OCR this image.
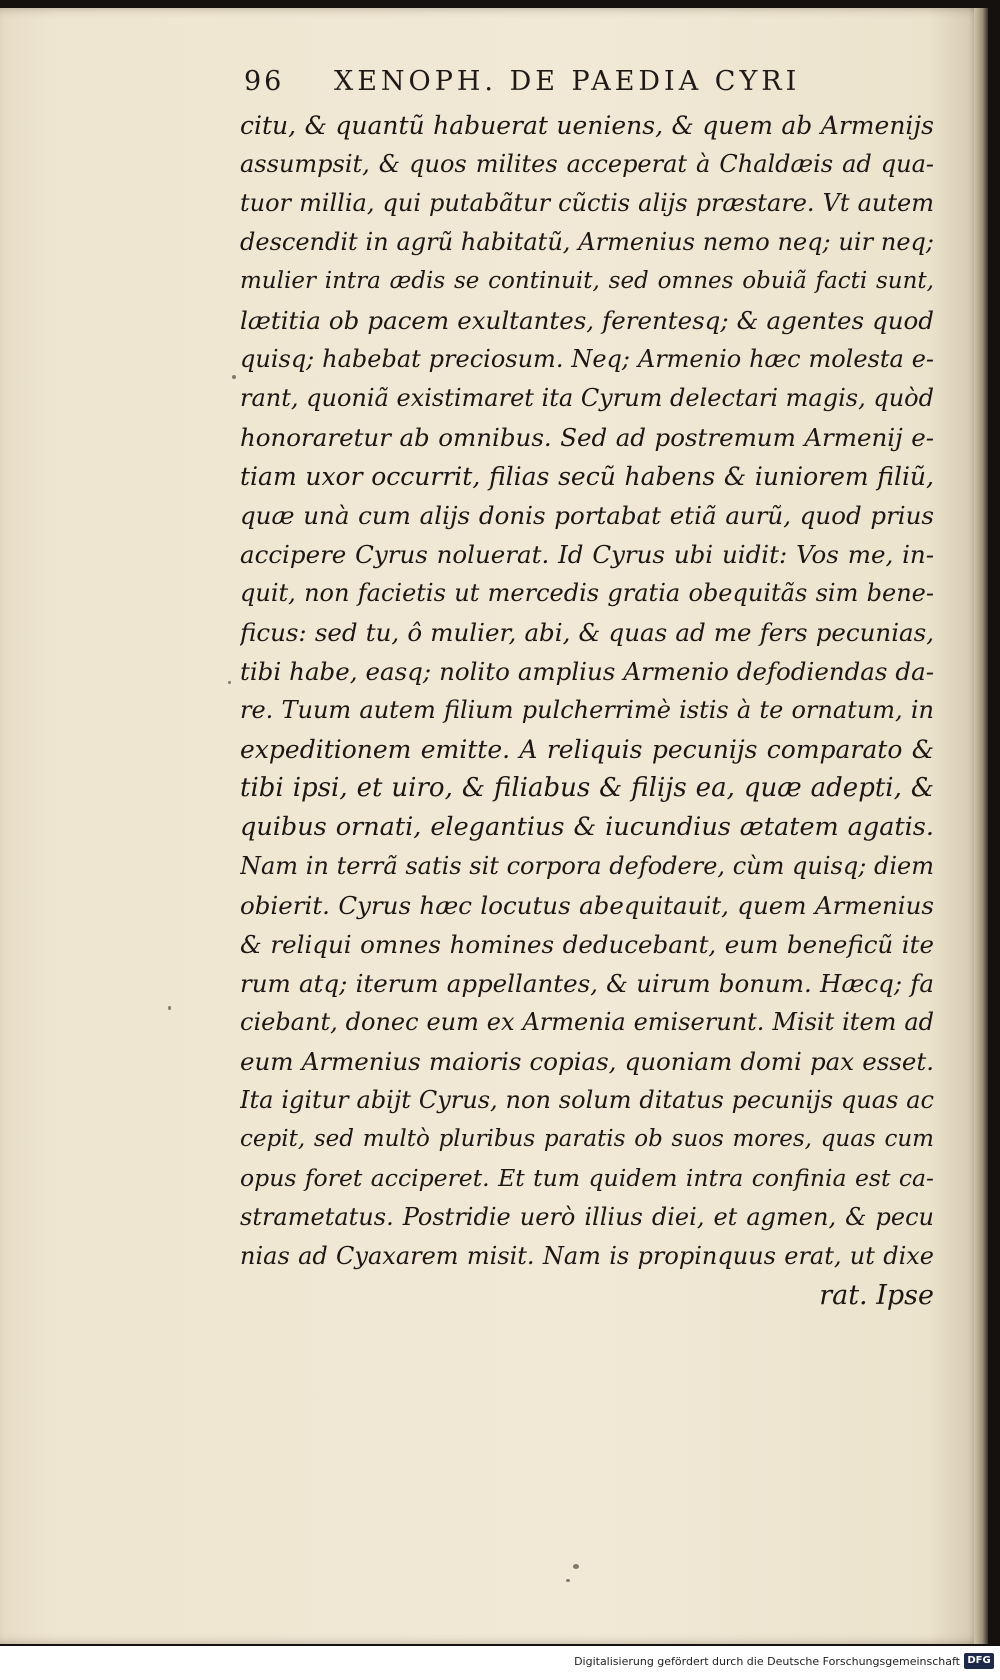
96 XENOPH. DE PAEDIA CYRI
citu, & quantũ habuerat ueniens, & quem ab Armenijs
assumpsit, & quos milites acceperat à Chaldæis ad qua-
tuor millia, qui putabãtur cũctis alijs præstare. Vt autem
descendit in agrũ habitatũ, Armenius nemo neq; uir neq;
mulier intra ædis se continuit, sed omnes obuiã facti sunt,
lætitia ob pacem exultantes, ferentesq; & agentes quod
quisq; habebat preciosum. Neq; Armenio hæc molesta e-
rant, quoniã existimaret ita Cyrum delectari magis, quòd
honoraretur ab omnibus. Sed ad postremum Armenij e-
tiam uxor occurrit, filias secũ habens & iuniorem filiũ,
quæ unà cum alijs donis portabat etiã aurũ, quod prius
accipere Cyrus noluerat. Id Cyrus ubi uidit: Vos me, in-
quit, non facietis ut mercedis gratia obequitãs sim bene-
ficus: sed tu, ô mulier, abi, & quas ad me fers pecunias,
tibi habe, easq; nolito amplius Armenio defodiendas da-
re. Tuum autem filium pulcherrimè istis à te ornatum, in
expeditionem emitte. A reliquis pecunijs comparato &
tibi ipsi, et uiro, & filiabus & filijs ea, quæ adepti, &
quibus ornati, elegantius & iucundius ætatem agatis.
Nam in terrã satis sit corpora defodere, cùm quisq; diem
obierit. Cyrus hæc locutus abequitauit, quem Armenius
& reliqui omnes homines deducebant, eum beneficũ ite
rum atq; iterum appellantes, & uirum bonum. Hæcq; fa
ciebant, donec eum ex Armenia emiserunt. Misit item ad
eum Armenius maioris copias, quoniam domi pax esset.
Ita igitur abijt Cyrus, non solum ditatus pecunijs quas ac
cepit, sed multò pluribus paratis ob suos mores, quas cum
opus foret acciperet. Et tum quidem intra confinia est ca-
strametatus. Postridie uerò illius diei, et agmen, & pecu
nias ad Cyaxarem misit. Nam is propinquus erat, ut dixe
rat. Ipse
Digitalisierung gefördert durch die Deutsche Forschungsgemeinschaft DFG
